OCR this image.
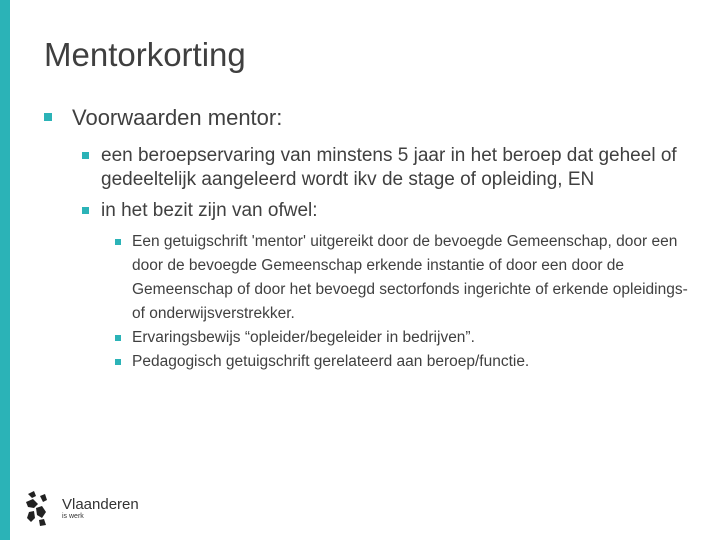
Mentorkorting
Voorwaarden mentor:
een beroepservaring van minstens 5 jaar in het beroep dat geheel of gedeeltelijk aangeleerd wordt ikv de stage of opleiding, EN
in het bezit zijn van ofwel:
Een getuigschrift 'mentor' uitgereikt door de bevoegde Gemeenschap, door een door de bevoegde Gemeenschap erkende instantie of door een door de Gemeenschap of door het bevoegd sectorfonds ingerichte of erkende opleidings- of onderwijsverstrekker.
Ervaringsbewijs “opleider/begeleider in bedrijven”.
Pedagogisch getuigschrift gerelateerd aan beroep/functie.
Vlaanderen
is werk
